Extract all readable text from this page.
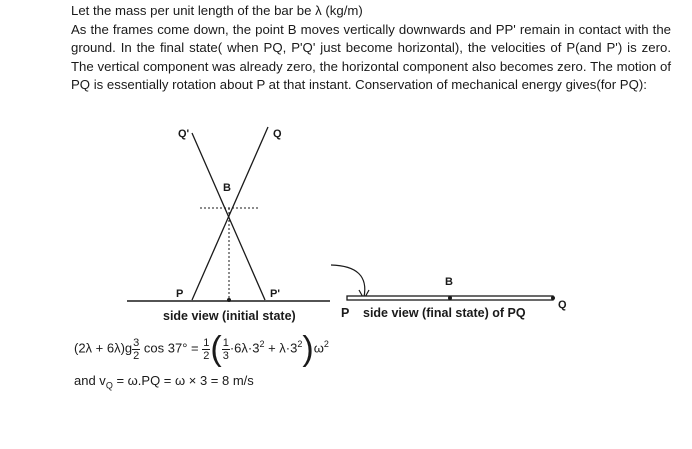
Let the mass per unit length of the bar be λ (kg/m)
As the frames come down, the point B moves vertically downwards and PP' remain in contact with the ground. In the final state( when PQ, P'Q' just become horizontal), the velocities of P(and P') is zero. The vertical component was already zero, the horizontal component also becomes zero. The motion of PQ is essentially rotation about P at that instant. Conservation of mechanical energy gives(for PQ):

Q'	Q
B
P	P'
side view (initial state)
B
Q
P side view (final state) of PQ
$(2\lambda + 6\lambda)g \frac{3}{2}$ $\cos 37^\circ = \frac{1}{2}$ ( $\frac{1}{3} \cdot 6\lambda\cdot 3^2 + \lambda\cdot 3^2)\omega^2$
and $v_Q = \omega.PQ = \omega \times 3 = 8$ m/s
